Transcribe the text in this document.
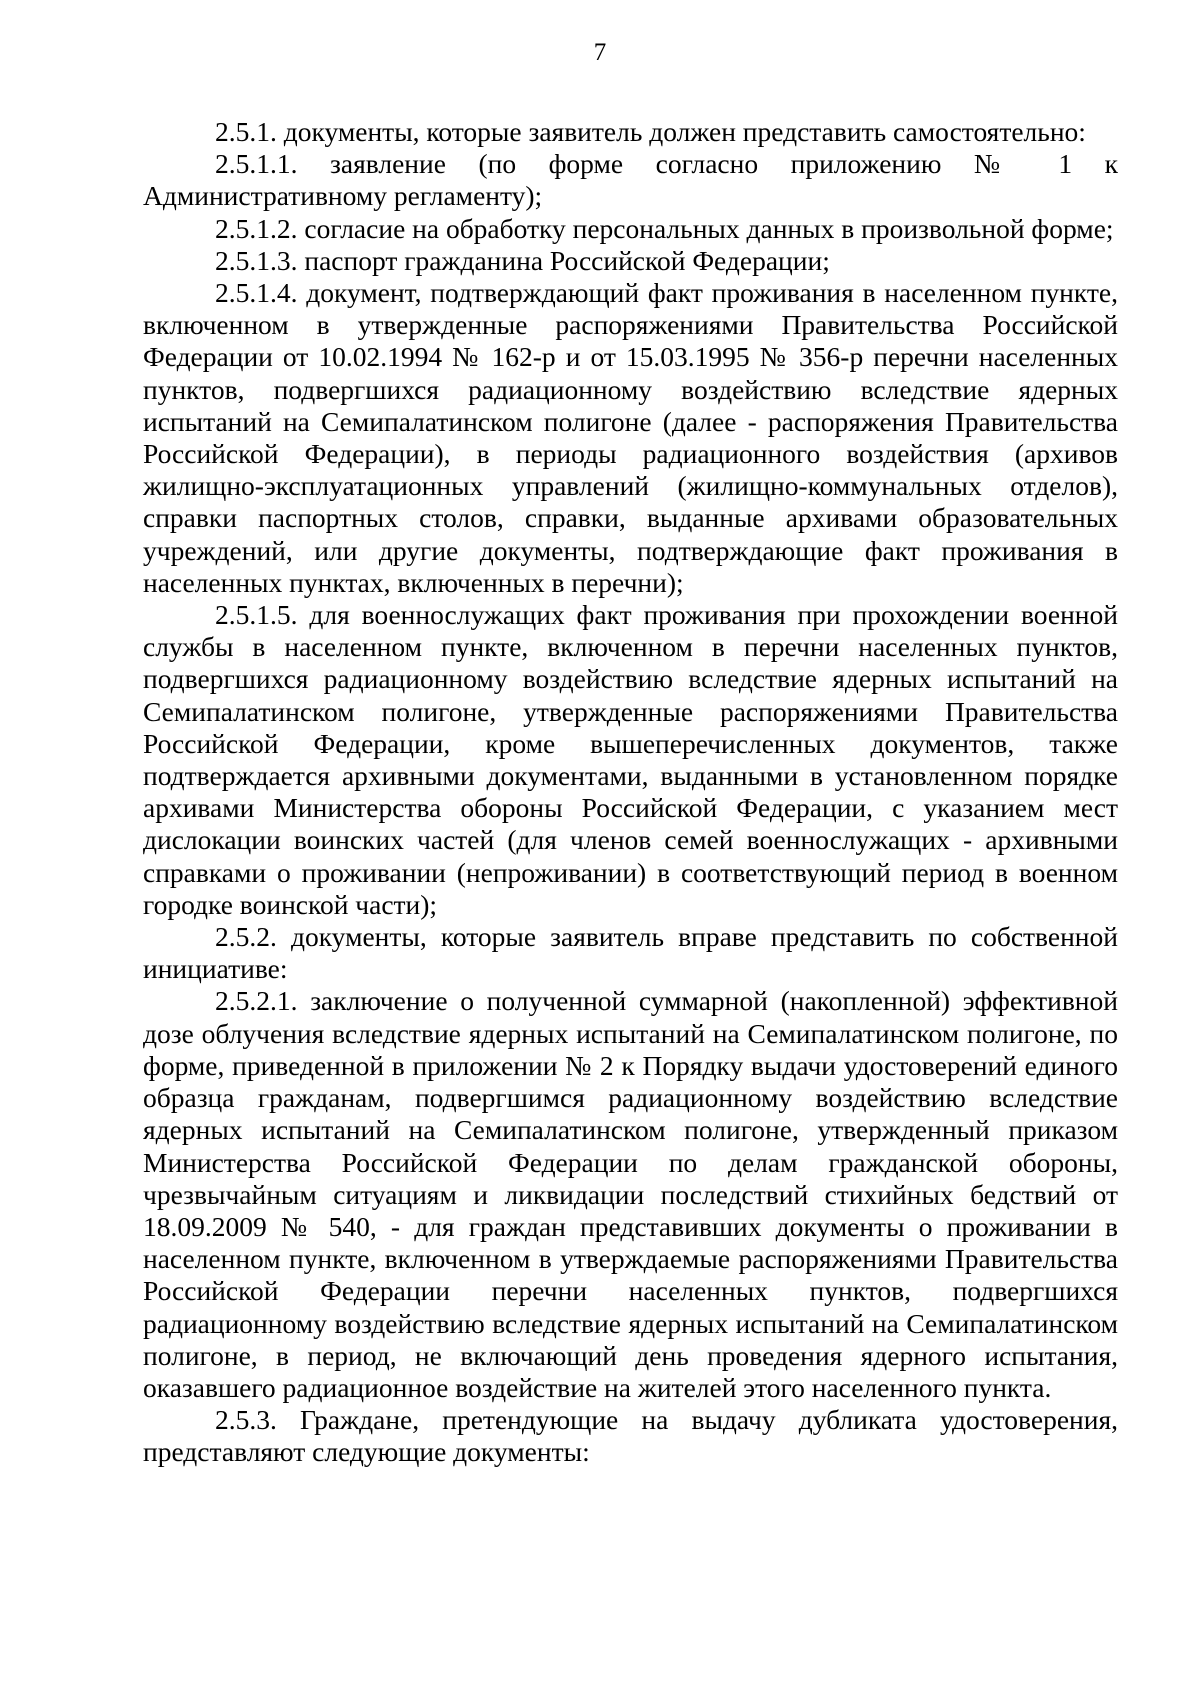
7

2.5.1. документы, которые заявитель должен представить самостоятельно:

2.5.1.1. заявление (по форме согласно приложению № 1 к Административному регламенту);

2.5.1.2. согласие на обработку персональных данных в произвольной форме;

2.5.1.3. паспорт гражданина Российской Федерации;

2.5.1.4. документ, подтверждающий факт проживания в населенном пункте, включенном в утвержденные распоряжениями Правительства Российской Федерации от 10.02.1994 № 162-р и от 15.03.1995 № 356-р перечни населенных пунктов, подвергшихся радиационному воздействию вследствие ядерных испытаний на Семипалатинском полигоне (далее - распоряжения Правительства Российской Федерации), в периоды радиационного воздействия (архивов жилищно-эксплуатационных управлений (жилищно-коммунальных отделов), справки паспортных столов, справки, выданные архивами образовательных учреждений, или другие документы, подтверждающие факт проживания в населенных пунктах, включенных в перечни);

2.5.1.5. для военнослужащих факт проживания при прохождении военной службы в населенном пункте, включенном в перечни населенных пунктов, подвергшихся радиационному воздействию вследствие ядерных испытаний на Семипалатинском полигоне, утвержденные распоряжениями Правительства Российской Федерации, кроме вышеперечисленных документов, также подтверждается архивными документами, выданными в установленном порядке архивами Министерства обороны Российской Федерации, с указанием мест дислокации воинских частей (для членов семей военнослужащих - архивными справками о проживании (непроживании) в соответствующий период в военном городке воинской части);

2.5.2. документы, которые заявитель вправе представить по собственной инициативе:

2.5.2.1. заключение о полученной суммарной (накопленной) эффективной дозе облучения вследствие ядерных испытаний на Семипалатинском полигоне, по форме, приведенной в приложении № 2 к Порядку выдачи удостоверений единого образца гражданам, подвергшимся радиационному воздействию вследствие ядерных испытаний на Семипалатинском полигоне, утвержденный приказом Министерства Российской Федерации по делам гражданской обороны, чрезвычайным ситуациям и ликвидации последствий стихийных бедствий от 18.09.2009 № 540, - для граждан представивших документы о проживании в населенном пункте, включенном в утверждаемые распоряжениями Правительства Российской Федерации перечни населенных пунктов, подвергшихся радиационному воздействию вследствие ядерных испытаний на Семипалатинском полигоне, в период, не включающий день проведения ядерного испытания, оказавшего радиационное воздействие на жителей этого населенного пункта.

2.5.3. Граждане, претендующие на выдачу дубликата удостоверения, представляют следующие документы:
